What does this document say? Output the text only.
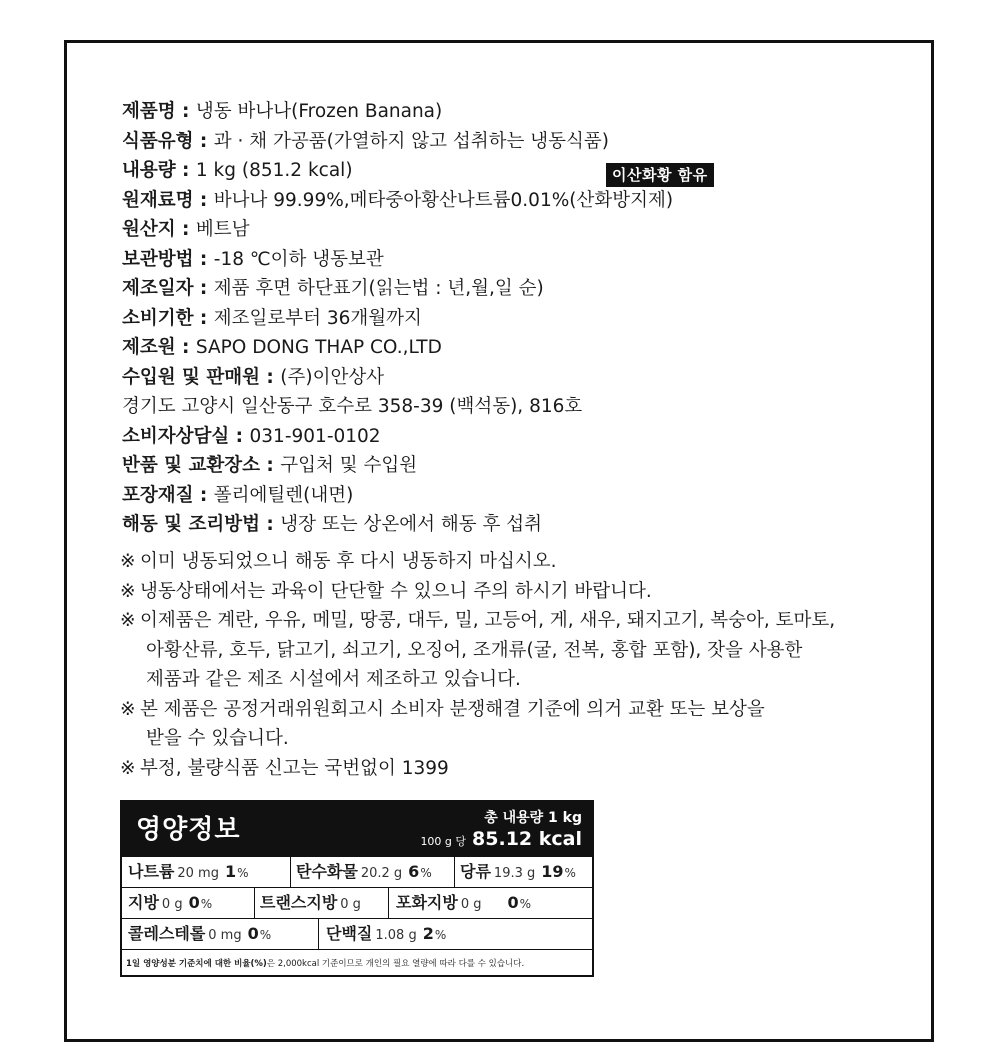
제품명 : 냉동 바나나(Frozen Banana)
식품유형 : 과 · 채 가공품(가열하지 않고 섭취하는 냉동식품)
내용량 : 1 kg (851.2 kcal)
원재료명 : 바나나 99.99%,메타중아황산나트륨0.01%(산화방지제)
원산지 : 베트남
보관방법 : -18 ℃이하 냉동보관
제조일자 : 제품 후면 하단표기(읽는법 : 년,월,일 순)
소비기한 : 제조일로부터 36개월까지
제조원 : SAPO DONG THAP CO.,LTD
수입원 및 판매원 : (주)이안상사
경기도 고양시 일산동구 호수로 358-39 (백석동), 816호
소비자상담실 : 031-901-0102
반품 및 교환장소 : 구입처 및 수입원
포장재질 : 폴리에틸렌(내면)
해동 및 조리방법 : 냉장 또는 상온에서 해동 후 섭취
이산화황 함유
※ 이미 냉동되었으니 해동 후 다시 냉동하지 마십시오.
※ 냉동상태에서는 과육이 단단할 수 있으니 주의 하시기 바랍니다.
※ 이제품은 계란, 우유, 메밀, 땅콩, 대두, 밀, 고등어, 게, 새우, 돼지고기, 복숭아, 토마토,
아황산류, 호두, 닭고기, 쇠고기, 오징어, 조개류(굴, 전복, 홍합 포함), 잣을 사용한
제품과 같은 제조 시설에서 제조하고 있습니다.
※ 본 제품은 공정거래위원회고시 소비자 분쟁해결 기준에 의거 교환 또는 보상을
받을 수 있습니다.
※ 부정, 불량식품 신고는 국번없이 1399
영양정보	총 내용량 1 kg
100 g 당 85.12 kcal
나트륨 20 mg 1%	탄수화물 20.2 g 6% 당류 19.3 g 19%
지방 0 g 0%	트랜스지방 0 g 포화지방 0 g 0%
콜레스테롤 0 mg 0%	단백질 1.08 g 2%
1일 영양성분 기준치에 대한 비율(%)은 2,000kcal 기준이므로 개인의 필요 열량에 따라 다를 수 있습니다.
